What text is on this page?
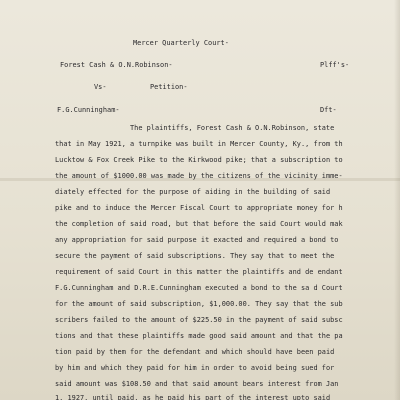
Mercer Quarterly Court-

Forest Cash & O.N.Robinson-	Plff's-

Vs-	Petition-

F.G.Cunningham-	Dft-

The plaintiffs, Forest Cash & O.N.Robinson, state

that in May 1921, a turnpike was built in Mercer County, Ky., from th

Lucktow & Fox Creek Pike to the Kirkwood pike; that a subscription to

the amount of $1000.00 was made by the citizens of the vicinity imme-

diately effected for the purpose of aiding in the building of said

pike and to induce the Mercer Fiscal Court to appropriate money for h

the completion of said road, but that before the said Court would mak

any appropriation for said purpose it exacted and required a bond to

secure the payment of said subscriptions. They say that to meet the

requirement of said Court in this matter the plaintiffs and de endant

F.G.Cunningham and D.R.E.Cunningham executed a bond to the sa d Court

for the amount of said subscription, $1,000.00. They say that the sub

scribers failed to the amount of $225.50 in the payment of said subsc

tions and that these plaintiffs made good said amount and that the pa

tion paid by them for the defendant and which should have been paid

by him and which they paid for him in order to avoid being sued for

said amount was $108.50 and that said amount bears interest from Jan

1, 1927, until paid, as he paid his part of the interest upto said
